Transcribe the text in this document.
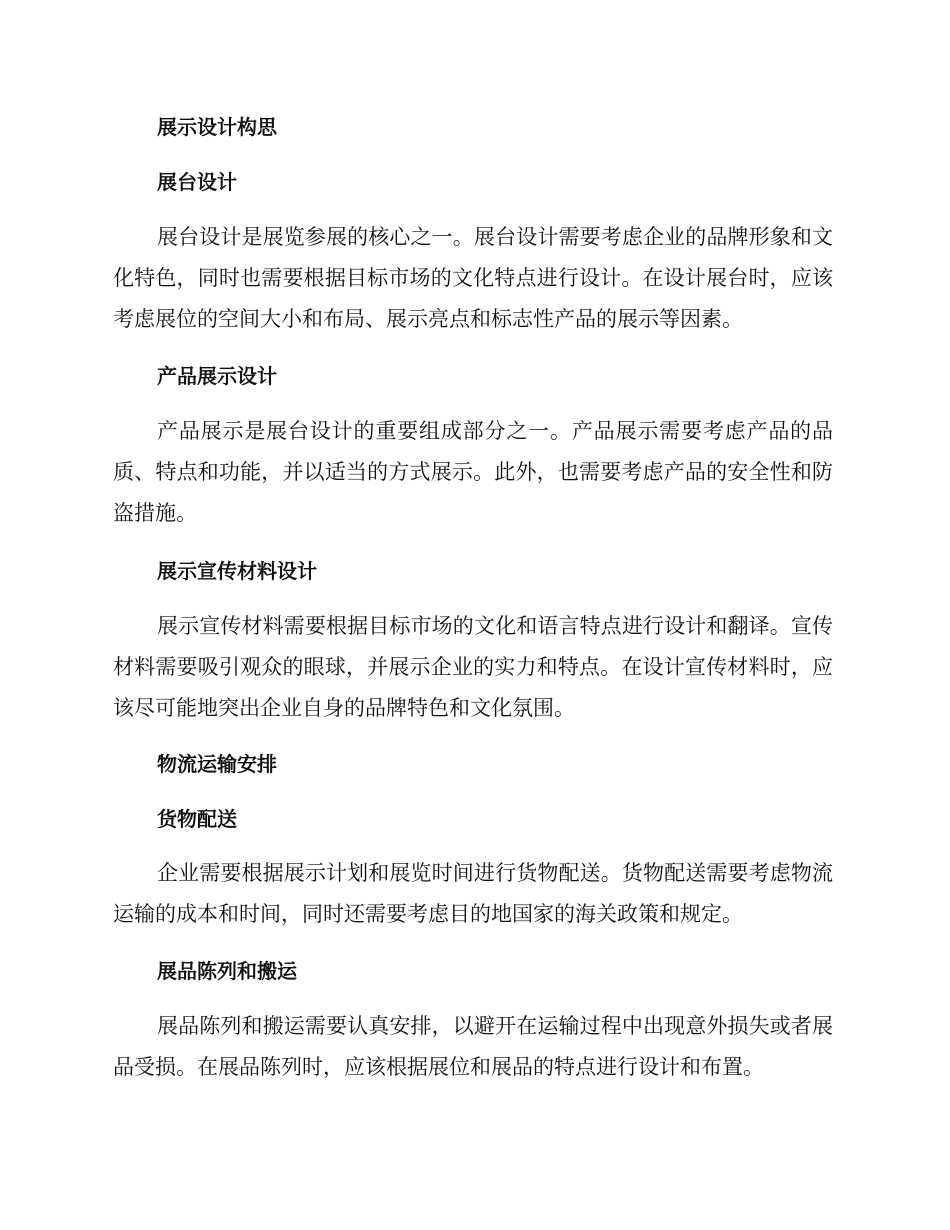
展示设计构思
展台设计

展台设计是展览参展的核心之一。展台设计需要考虑企业的品牌形象和文化特色，同时也需要根据目标市场的文化特点进行设计。在设计展台时，应该考虑展位的空间大小和布局、展示亮点和标志性产品的展示等因素。

产品展示设计

产品展示是展台设计的重要组成部分之一。产品展示需要考虑产品的品质、特点和功能，并以适当的方式展示。此外，也需要考虑产品的安全性和防盗措施。

展示宣传材料设计

展示宣传材料需要根据目标市场的文化和语言特点进行设计和翻译。宣传材料需要吸引观众的眼球，并展示企业的实力和特点。在设计宣传材料时，应该尽可能地突出企业自身的品牌特色和文化氛围。

物流运输安排
货物配送

企业需要根据展示计划和展览时间进行货物配送。货物配送需要考虑物流运输的成本和时间，同时还需要考虑目的地国家的海关政策和规定。

展品陈列和搬运

展品陈列和搬运需要认真安排，以避开在运输过程中出现意外损失或者展品受损。在展品陈列时，应该根据展位和展品的特点进行设计和布置。
